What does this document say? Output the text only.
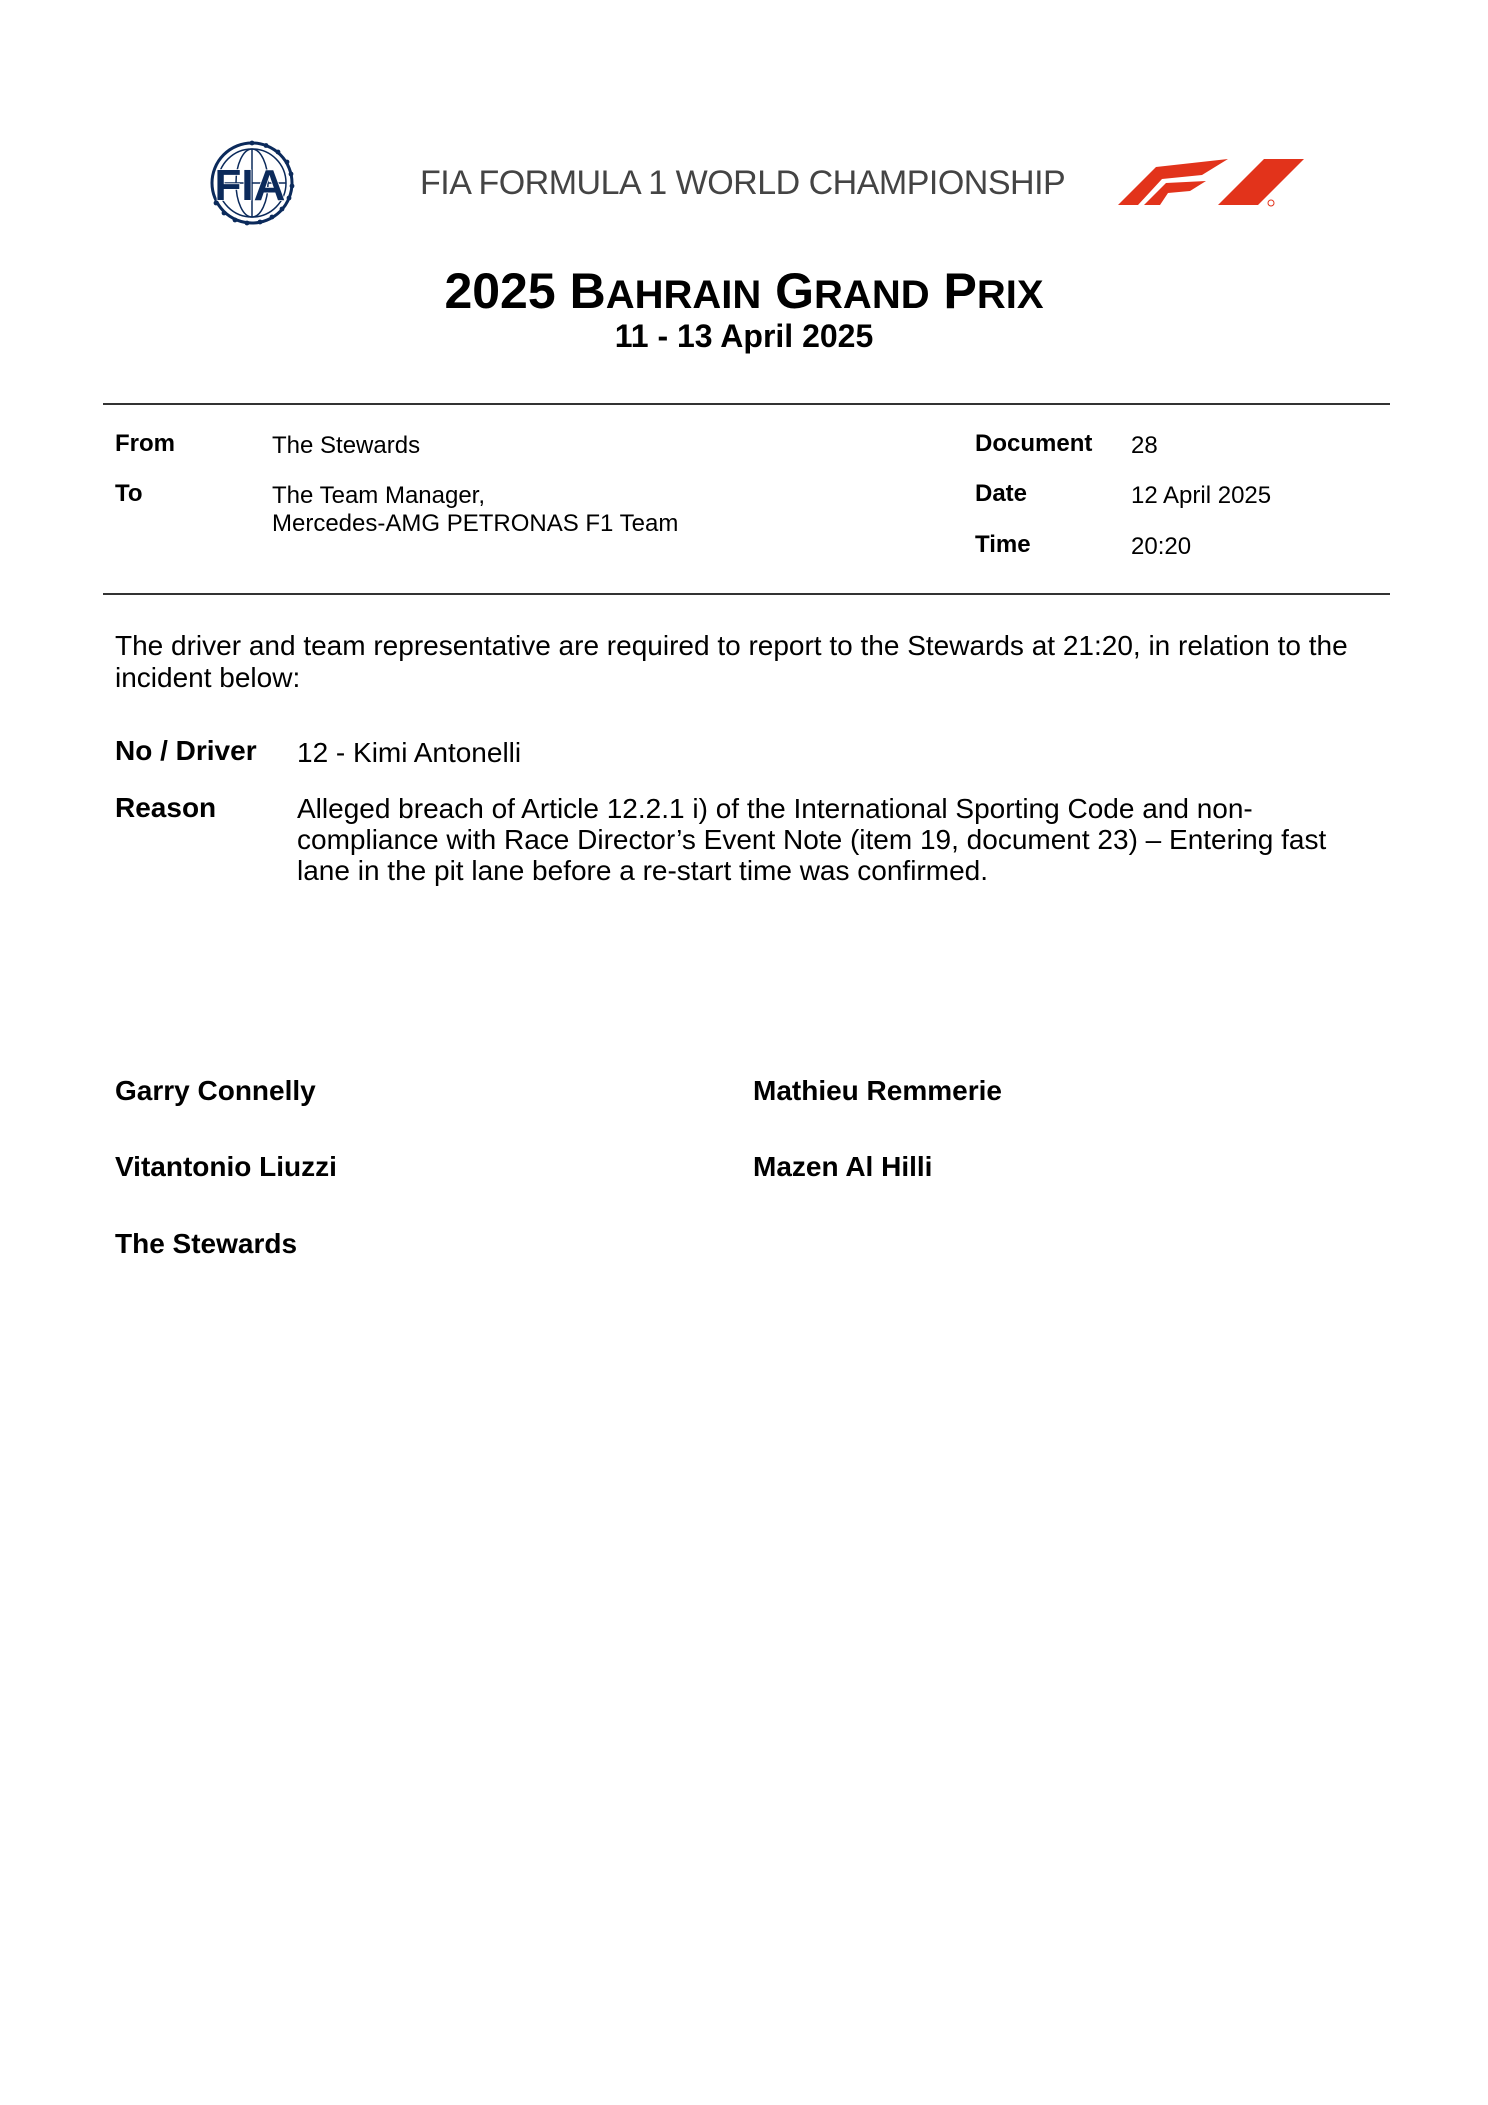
FIA	FIA FORMULA 1 WORLD CHAMPIONSHIP
2025 BAHRAIN GRAND PRIX
11 - 13 April 2025
From	The Stewards
To	The Team Manager,
Mercedes-AMG PETRONAS F1 Team
Document 28
Date	12 April 2025
Time	20:20
The driver and team representative are required to report to the Stewards at 21:20, in relation to the incident below:
No / Driver 12 - Kimi Antonelli
Reason	Alleged breach of Article 12.2.1 i) of the International Sporting Code and non-compliance with Race Director’s Event Note (item 19, document 23) – Entering fast lane in the pit lane before a re-start time was confirmed.
Garry Connelly
Vitantonio Liuzzi
The Stewards
Mathieu Remmerie
Mazen Al Hilli
